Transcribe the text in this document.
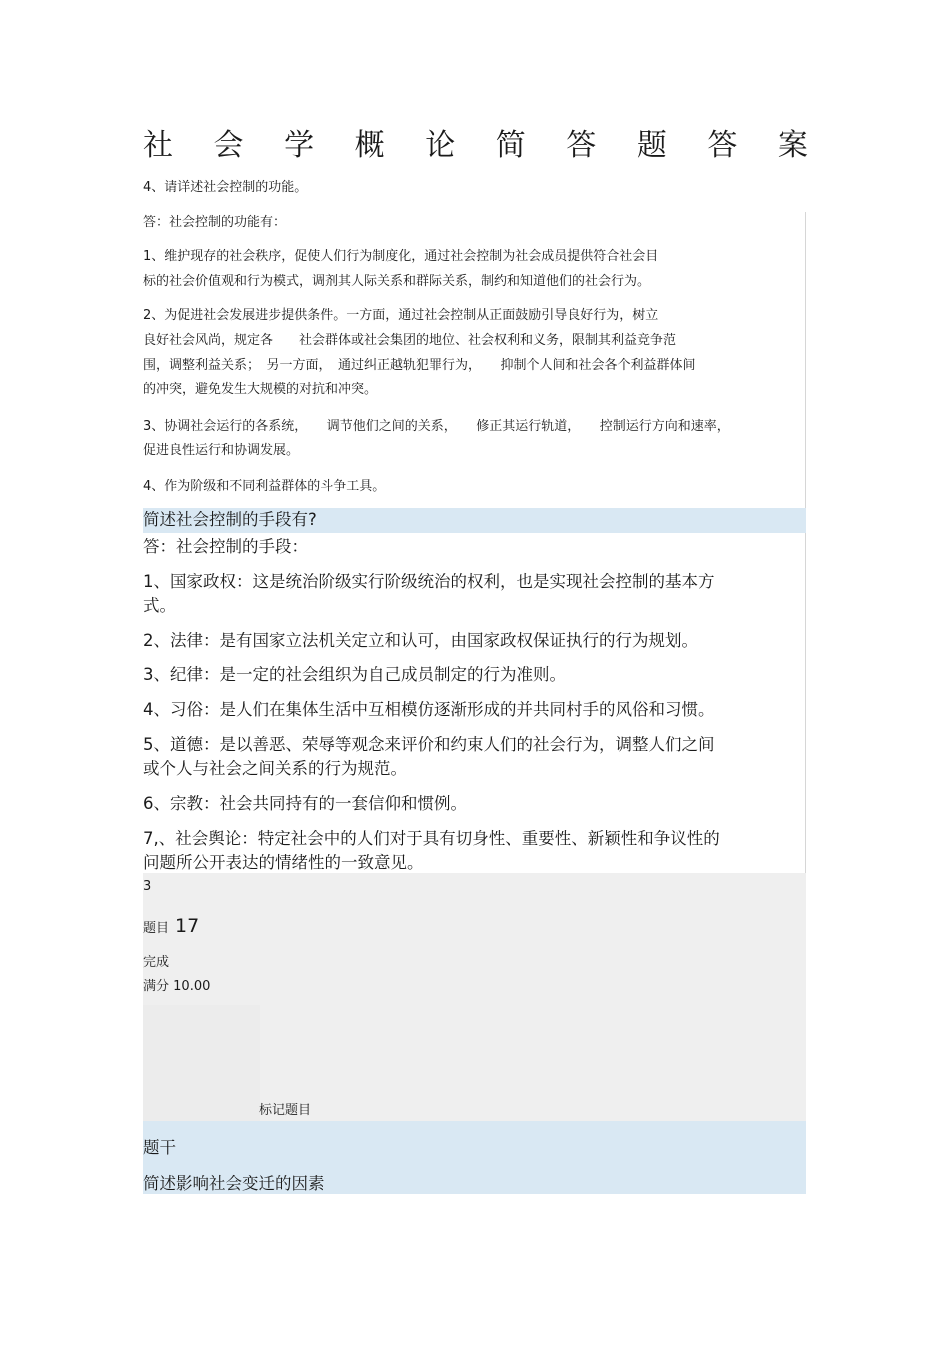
社 会 学 概 论 简 答 题 答 案
4、请详述社会控制的功能。
答：社会控制的功能有：
1、维护现存的社会秩序，促使人们行为制度化，通过社会控制为社会成员提供符合社会目
标的社会价值观和行为模式，调剂其人际关系和群际关系，制约和知道他们的社会行为。
2、为促进社会发展进步提供条件。一方面，通过社会控制从正面鼓励引导良好行为，树立
良好社会风尚，规定各　　社会群体或社会集团的地位、社会权利和义务，限制其利益竞争范
围，调整利益关系；　另一方面，　通过纠正越轨犯罪行为，　　抑制个人间和社会各个利益群体间
的冲突，避免发生大规模的对抗和冲突。
3、协调社会运行的各系统，　　调节他们之间的关系，　　修正其运行轨道，　　控制运行方向和速率，
促进良性运行和协调发展。
4、作为阶级和不同利益群体的斗争工具。
简述社会控制的手段有?
答：社会控制的手段：
1、国家政权：这是统治阶级实行阶级统治的权利，也是实现社会控制的基本方
式。
2、法律：是有国家立法机关定立和认可，由国家政权保证执行的行为规划。
3、纪律：是一定的社会组织为自己成员制定的行为准则。
4、习俗：是人们在集体生活中互相模仿逐渐形成的并共同村手的风俗和习惯。
5、道德：是以善恶、荣辱等观念来评价和约束人们的社会行为，调整人们之间
或个人与社会之间关系的行为规范。
6、宗教：社会共同持有的一套信仰和惯例。
7,、社会舆论：特定社会中的人们对于具有切身性、重要性、新颖性和争议性的
问题所公开表达的情绪性的一致意见。
3
题目 17
完成
满分 10.00
标记题目
题干
简述影响社会变迁的因素
